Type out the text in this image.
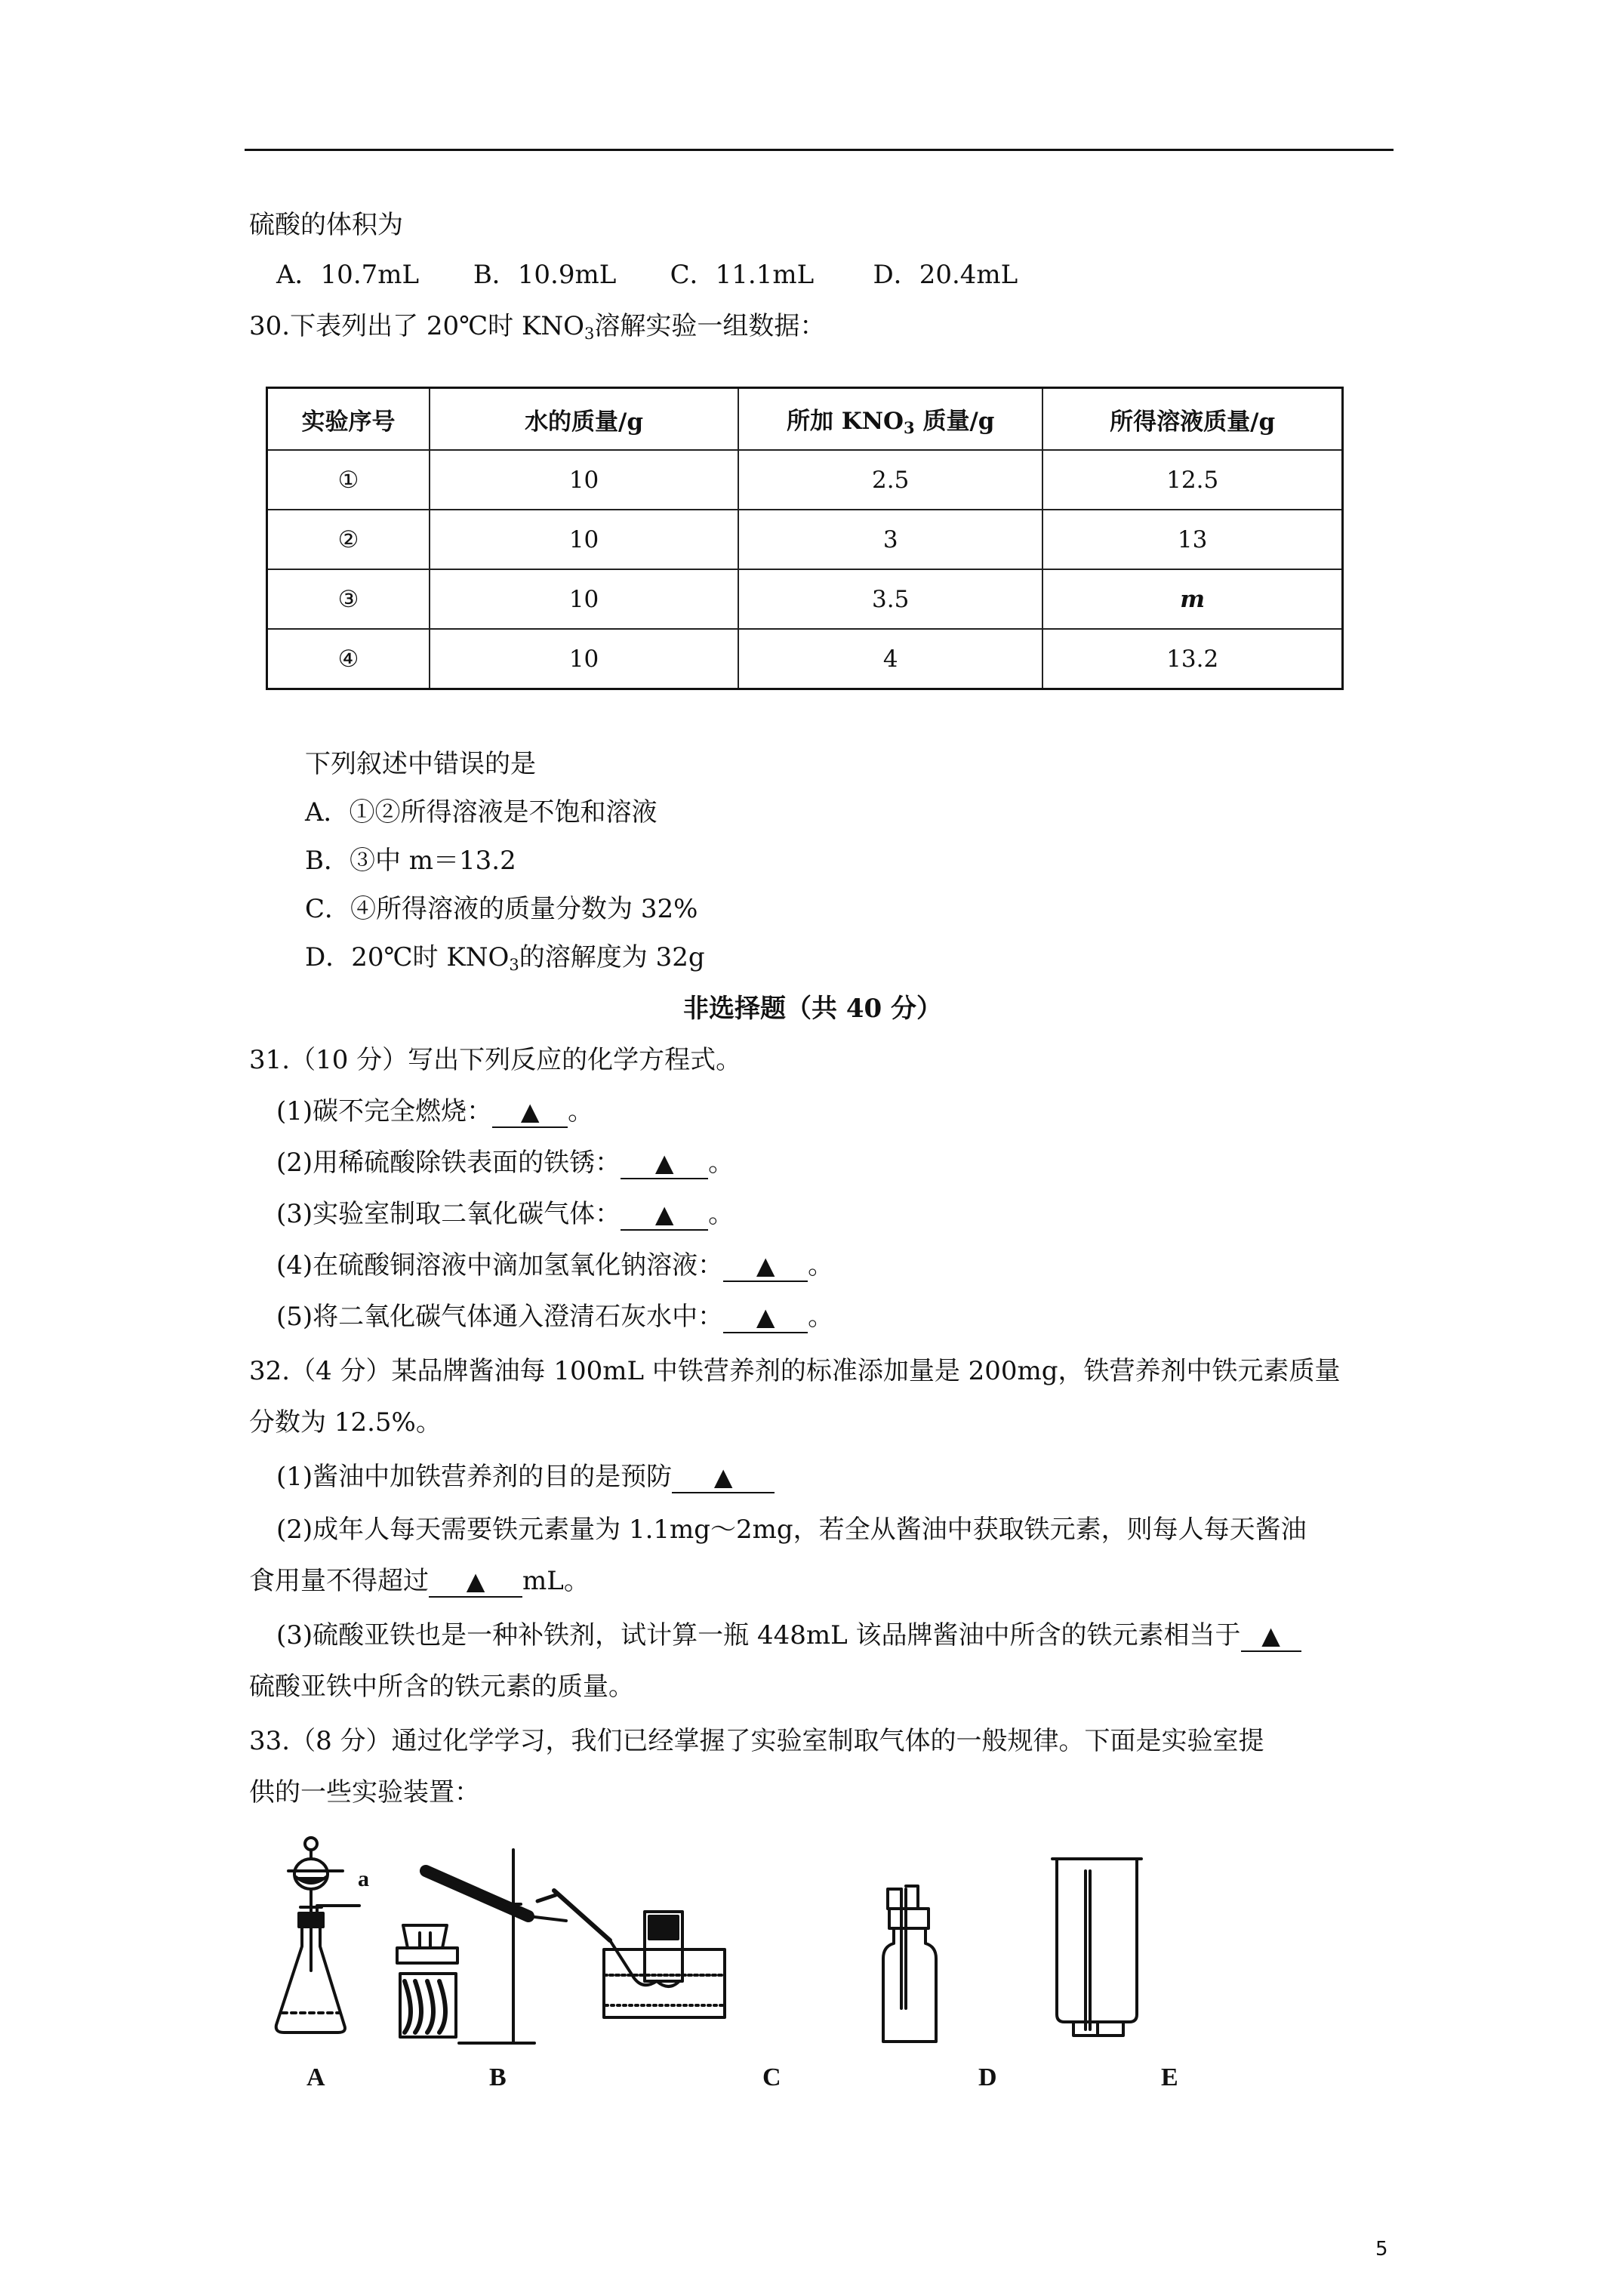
硫酸的体积为
A．10.7mL B．10.9mL C．11.1mL D．20.4mL
30.下表列出了 20℃时 $KNO_3$溶解实验一组数据：
实验序号	水的质量/g	所加 $KNO_3$ 质量/g	所得溶液质量/g
①	10	2.5	12.5
②	10	3	13
③	10	3.5	m
④	10	4	13.2
下列叙述中错误的是
A．①②所得溶液是不饱和溶液
B．③中 m＝13.2
C．④所得溶液的质量分数为 32%
D．20℃时 $KNO_3$的溶解度为 32g
非选择题（共 40 分）
31.（10 分）写出下列反应的化学方程式。
(1)碳不完全燃烧： ▲ 。
(2)用稀硫酸除铁表面的铁锈： ▲ 。
(3)实验室制取二氧化碳气体： ▲ 。
(4)在硫酸铜溶液中滴加氢氧化钠溶液： ▲ 。
(5)将二氧化碳气体通入澄清石灰水中： ▲ 。
32.（4 分）某品牌酱油每 100mL 中铁营养剂的标准添加量是 200mg，铁营养剂中铁元素质量
分数为 12.5%。
(1)酱油中加铁营养剂的目的是预防 ▲
(2)成年人每天需要铁元素量为 1.1mg～2mg，若全从酱油中获取铁元素，则每人每天酱油
食用量不得超过 ▲ mL。
(3)硫酸亚铁也是一种补铁剂，试计算一瓶 448mL 该品牌酱油中所含的铁元素相当于 ▲
硫酸亚铁中所含的铁元素的质量。
33.（8 分）通过化学学习，我们已经掌握了实验室制取气体的一般规律。下面是实验室提
供的一些实验装置：
a
A	B	C	D	E
5
